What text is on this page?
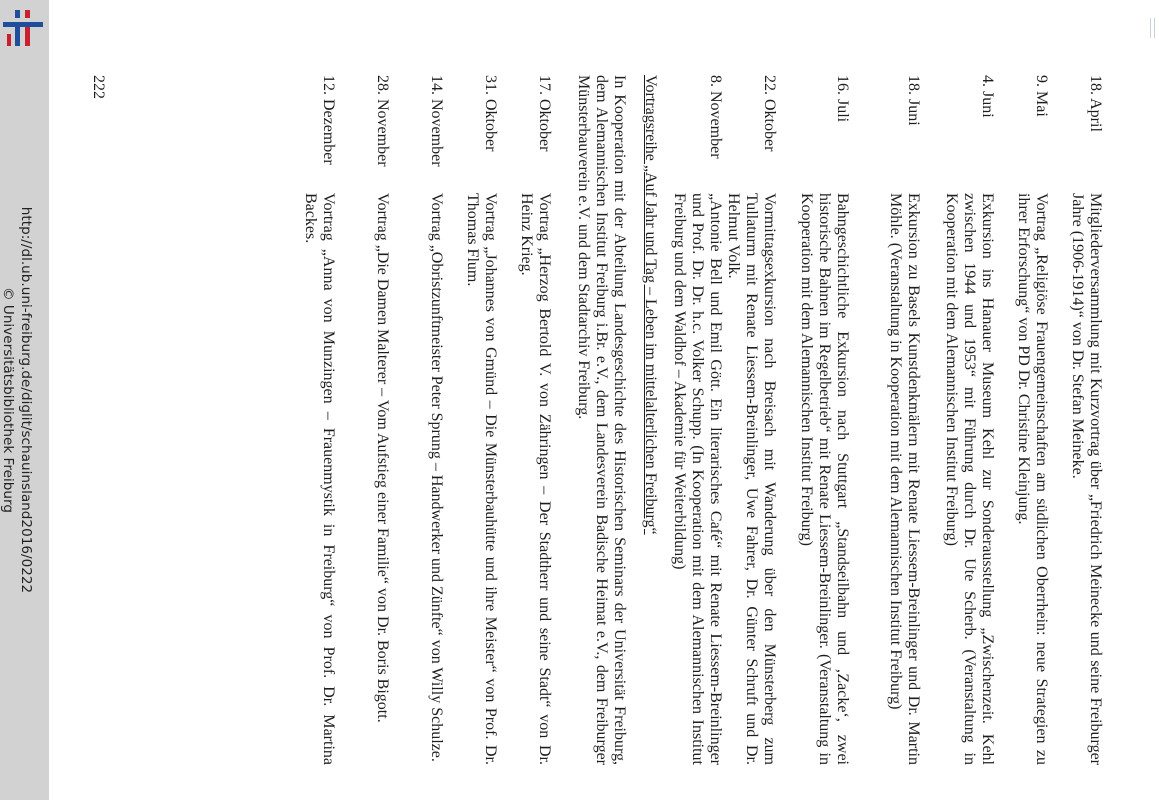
http://dl.ub.uni-freiburg.de/diglit/schauinsland2016/0222
© Universitätsbibliothek Freiburg
18. April

Mitgliederversammlung mit Kurzvortrag über „Friedrich Meinecke und seine Freiburger Jahre (1906-1914)“ von Dr. Stefan Meineke.

9. Mai

Vortrag „Religiöse Frauengemeinschaften am südlichen Oberrhein: neue Strategien zu ihrer Erforschung“ von PD Dr. Christine Kleinjung.

4. Juni

Exkursion ins Hanauer Museum Kehl zur Sonderausstellung „Zwischenzeit. Kehl zwischen 1944 und 1953“ mit Führung durch Dr. Ute Scherb. (Veranstaltung in Kooperation mit dem Alemannischen Institut Freiburg)

18. Juni

Exkursion zu Basels Kunstdenkmälern mit Renate Liessem-Breinlinger und Dr. Martin Möhle. (Veranstaltung in Kooperation mit dem Alemannischen Institut Freiburg)

16. Juli

Bahngeschichtliche Exkursion nach Stuttgart „Standseilbahn und ‚Zacke‘, zwei historische Bahnen im Regelbetrieb“ mit Renate Liessem-Breinlinger. (Veranstaltung in Kooperation mit dem Alemannischen Institut Freiburg)

22. Oktober

Vormittagsexkursion nach Breisach mit Wanderung über den Münsterberg zum Tullaturm mit Renate Liessem-Breinlinger, Uwe Fahrer, Dr. Günter Schruft und Dr. Helmut Volk.

8. November

„Antonie Bell und Emil Gött. Ein literarisches Café“ mit Renate Liessem-Breinlinger und Prof. Dr. Dr. h.c. Volker Schupp. (In Kooperation mit dem Alemannischen Institut Freiburg und dem Waldhof – Akademie für Weiterbildung)

Vortragsreihe „Auf Jahr und Tag – Leben im mittelalterlichen Freiburg“

In Kooperation mit der Abteilung Landesgeschichte des Historischen Seminars der Universität Freiburg, dem Alemannischen Institut Freiburg i.Br. e.V., dem Landesverein Badische Heimat e.V., dem Freiburger Münsterbauverein e.V. und dem Stadtarchiv Freiburg.

17. Oktober

Vortrag „Herzog Bertold V. von Zähringen – Der Stadtherr und seine Stadt“ von Dr. Heinz Krieg.

31. Oktober

Vortrag „Johannes von Gmünd – Die Münsterbauhütte und ihre Meister“ von Prof. Dr. Thomas Flum.

14. November

Vortrag „Obristzunftmeister Peter Sprung – Handwerker und Zünfte“ von Willy Schulze.

28. November

Vortrag „Die Damen Malterer – Vom Aufstieg einer Familie“ von Dr. Boris Bigott.

12. Dezember

Vortrag „Anna von Munzingen – Frauenmystik in Freiburg“ von Prof. Dr. Martina Backes.

222
